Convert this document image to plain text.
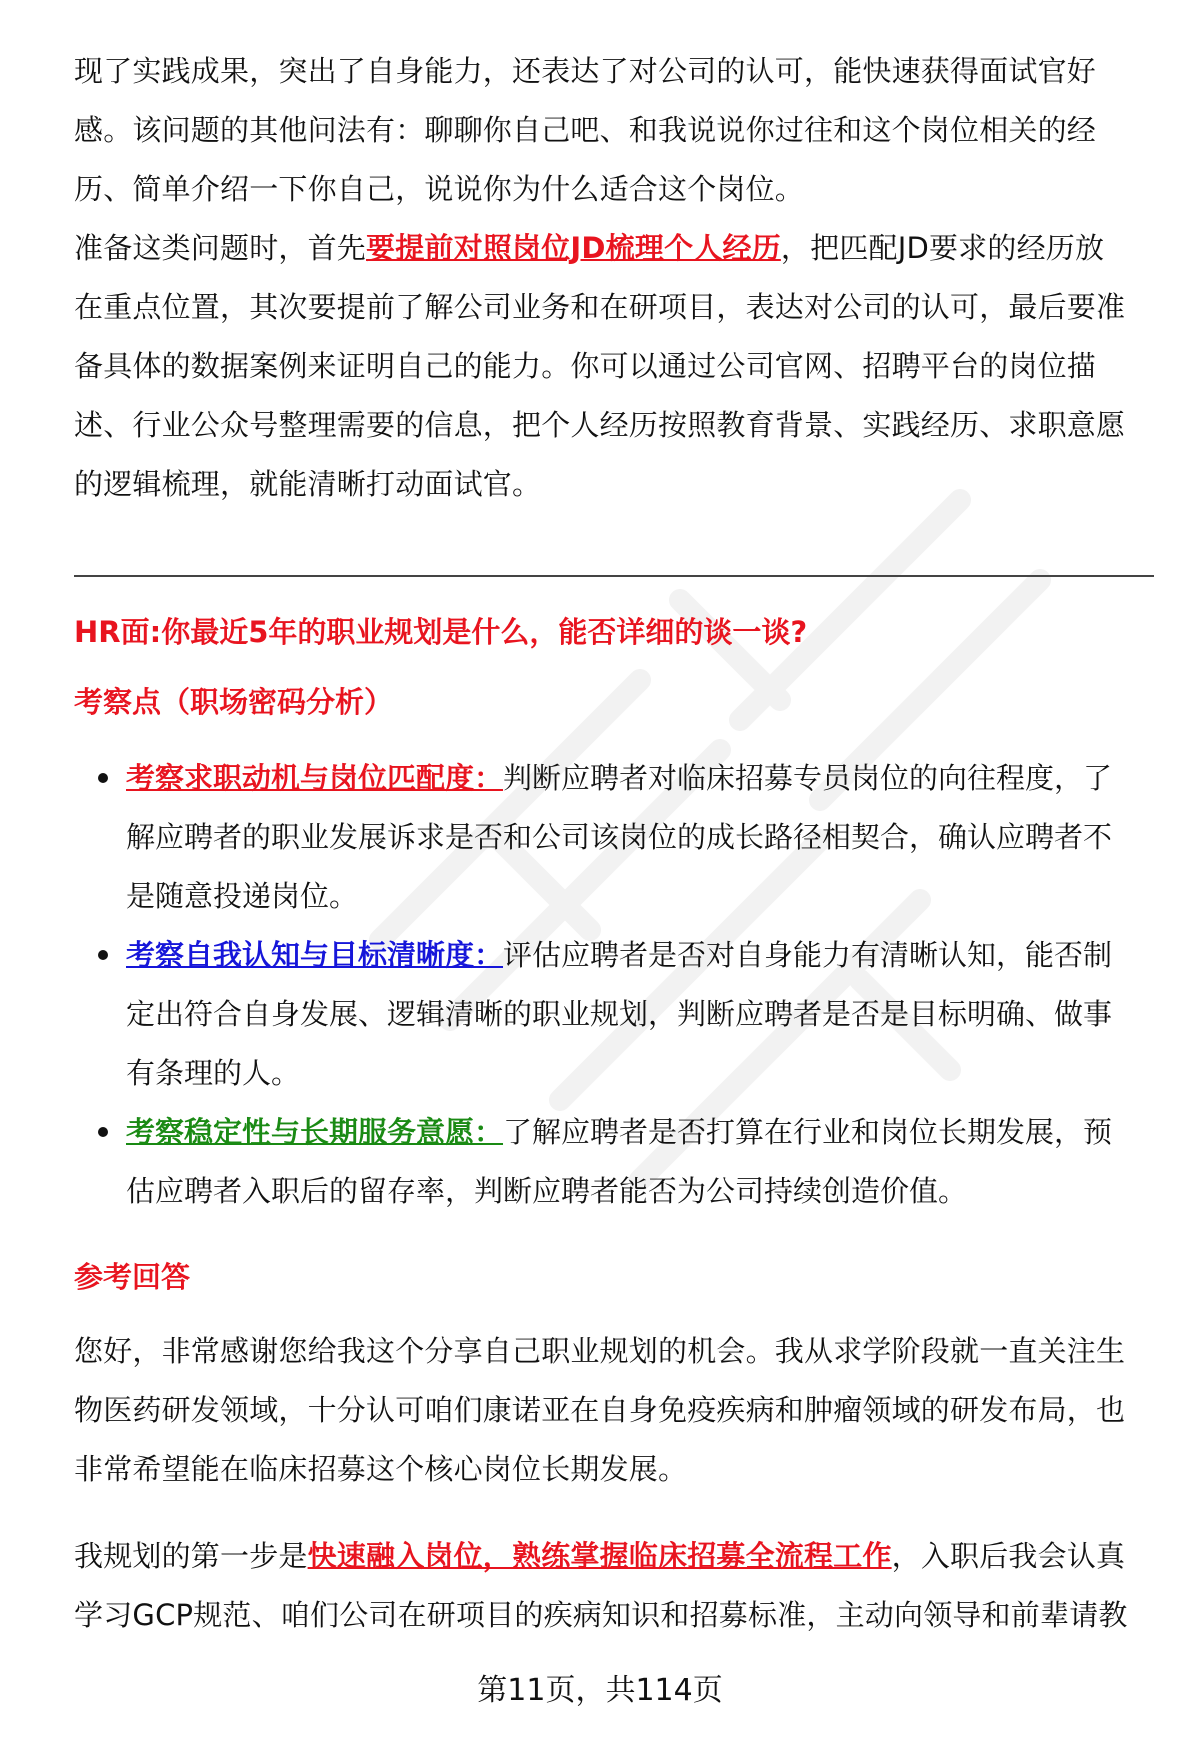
现了实践成果，突出了自身能力，还表达了对公司的认可，能快速获得面试官好
感。该问题的其他问法有：聊聊你自己吧、和我说说你过往和这个岗位相关的经
历、简单介绍一下你自己，说说你为什么适合这个岗位。
准备这类问题时，首先要提前对照岗位JD梳理个人经历，把匹配JD要求的经历放
在重点位置，其次要提前了解公司业务和在研项目，表达对公司的认可，最后要准
备具体的数据案例来证明自己的能力。你可以通过公司官网、招聘平台的岗位描
述、行业公众号整理需要的信息，把个人经历按照教育背景、实践经历、求职意愿
的逻辑梳理，就能清晰打动面试官。
HR面:你最近5年的职业规划是什么，能否详细的谈一谈?
考察点（职场密码分析）
考察求职动机与岗位匹配度：判断应聘者对临床招募专员岗位的向往程度，了
解应聘者的职业发展诉求是否和公司该岗位的成长路径相契合，确认应聘者不
是随意投递岗位。
考察自我认知与目标清晰度：评估应聘者是否对自身能力有清晰认知，能否制
定出符合自身发展、逻辑清晰的职业规划，判断应聘者是否是目标明确、做事
有条理的人。
考察稳定性与长期服务意愿：了解应聘者是否打算在行业和岗位长期发展，预
估应聘者入职后的留存率，判断应聘者能否为公司持续创造价值。
参考回答
您好，非常感谢您给我这个分享自己职业规划的机会。我从求学阶段就一直关注生
物医药研发领域，十分认可咱们康诺亚在自身免疫疾病和肿瘤领域的研发布局，也
非常希望能在临床招募这个核心岗位长期发展。
我规划的第一步是快速融入岗位，熟练掌握临床招募全流程工作，入职后我会认真
学习GCP规范、咱们公司在研项目的疾病知识和招募标准，主动向领导和前辈请教
第11页，共114页
